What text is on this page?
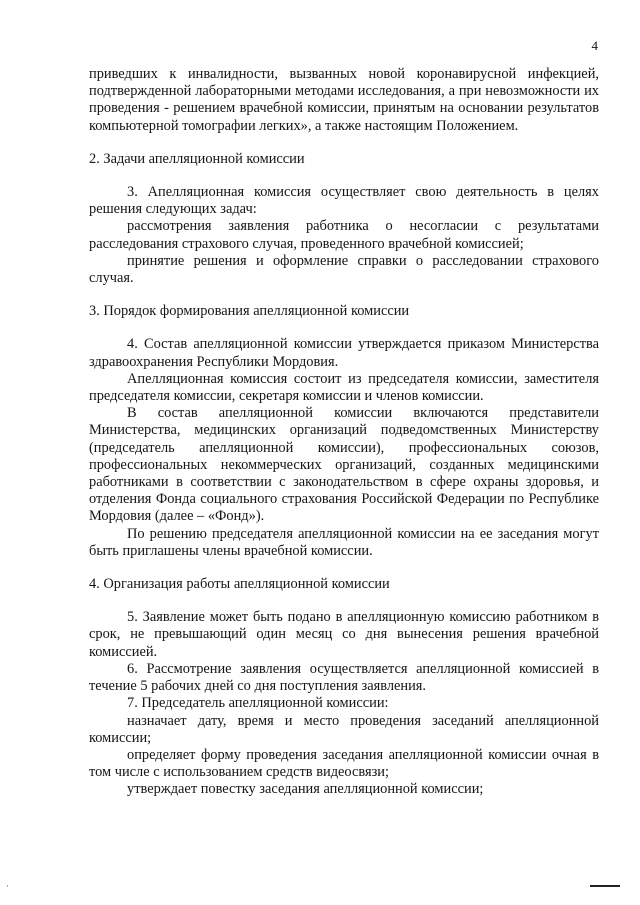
4

приведших к инвалидности, вызванных новой коронавирусной инфекцией, подтвержденной лабораторными методами исследования, а при невозможности их проведения - решением врачебной комиссии, принятым на основании результатов компьютерной томографии легких», а также настоящим Положением.

2. Задачи апелляционной комиссии

3. Апелляционная комиссия осуществляет свою деятельность в целях решения следующих задач:

рассмотрения заявления работника о несогласии с результатами расследования страхового случая, проведенного врачебной комиссией;

принятие решения и оформление справки о расследовании страхового случая.

3. Порядок формирования апелляционной комиссии

4. Состав апелляционной комиссии утверждается приказом Министерства здравоохранения Республики Мордовия.

Апелляционная комиссия состоит из председателя комиссии, заместителя председателя комиссии, секретаря комиссии и членов комиссии.

В состав апелляционной комиссии включаются представители Министерства, медицинских организаций подведомственных Министерству (председатель апелляционной комиссии), профессиональных союзов, профессиональных некоммерческих организаций, созданных медицинскими работниками в соответствии с законодательством в сфере охраны здоровья, и отделения Фонда социального страхования Российской Федерации по Республике Мордовия (далее – «Фонд»).

По решению председателя апелляционной комиссии на ее заседания могут быть приглашены члены врачебной комиссии.

4. Организация работы апелляционной комиссии

5. Заявление может быть подано в апелляционную комиссию работником в срок, не превышающий один месяц со дня вынесения решения врачебной комиссией.

6. Рассмотрение заявления осуществляется апелляционной комиссией в течение 5 рабочих дней со дня поступления заявления.

7. Председатель апелляционной комиссии:

назначает дату, время и место проведения заседаний апелляционной комиссии;

определяет форму проведения заседания апелляционной комиссии очная в том числе с использованием средств видеосвязи;

утверждает повестку заседания апелляционной комиссии;

·
